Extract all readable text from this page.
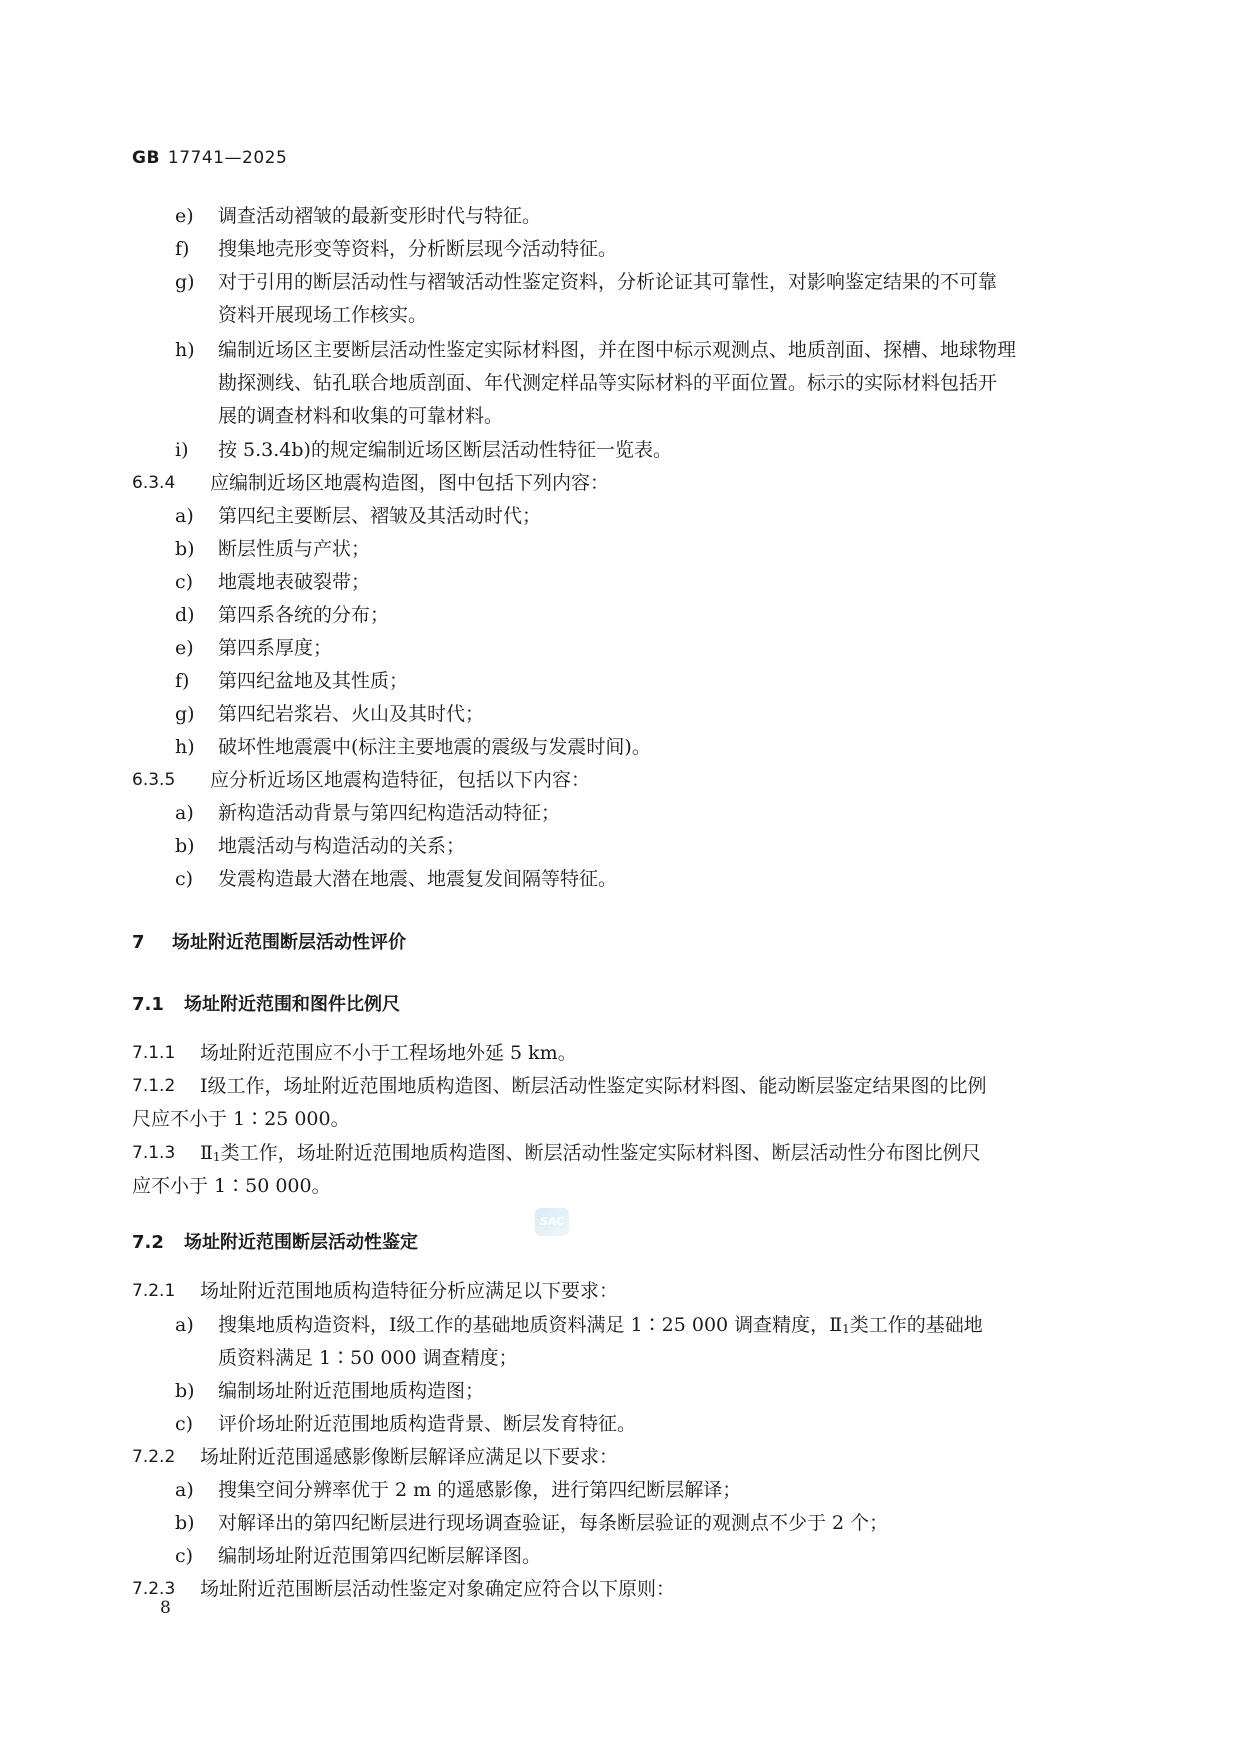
GB 17741—2025
e) 调查活动褶皱的最新变形时代与特征。
f) 搜集地壳形变等资料，分析断层现今活动特征。
g) 对于引用的断层活动性与褶皱活动性鉴定资料，分析论证其可靠性，对影响鉴定结果的不可靠
资料开展现场工作核实。
h) 编制近场区主要断层活动性鉴定实际材料图，并在图中标示观测点、地质剖面、探槽、地球物理
勘探测线、钻孔联合地质剖面、年代测定样品等实际材料的平面位置。标示的实际材料包括开
展的调查材料和收集的可靠材料。
i) 按 5.3.4b)的规定编制近场区断层活动性特征一览表。
6.3.4 应编制近场区地震构造图，图中包括下列内容：
a) 第四纪主要断层、褶皱及其活动时代；
b) 断层性质与产状；
c) 地震地表破裂带；
d) 第四系各统的分布；
e) 第四系厚度；
f) 第四纪盆地及其性质；
g) 第四纪岩浆岩、火山及其时代；
h) 破坏性地震震中(标注主要地震的震级与发震时间)。
6.3.5 应分析近场区地震构造特征，包括以下内容：
a) 新构造活动背景与第四纪构造活动特征；
b) 地震活动与构造活动的关系；
c) 发震构造最大潜在地震、地震复发间隔等特征。
7 场址附近范围断层活动性评价
7.1 场址附近范围和图件比例尺
7.1.1 场址附近范围应不小于工程场地外延 5 km。
7.1.2 Ⅰ级工作，场址附近范围地质构造图、断层活动性鉴定实际材料图、能动断层鉴定结果图的比例
尺应不小于 1∶25 000。
7.1.3 Ⅱ1类工作，场址附近范围地质构造图、断层活动性鉴定实际材料图、断层活动性分布图比例尺
应不小于 1∶50 000。
SAC
7.2 场址附近范围断层活动性鉴定
7.2.1 场址附近范围地质构造特征分析应满足以下要求：
a) 搜集地质构造资料，Ⅰ级工作的基础地质资料满足 1∶25 000 调查精度，Ⅱ1类工作的基础地
质资料满足 1∶50 000 调查精度；
b) 编制场址附近范围地质构造图；
c) 评价场址附近范围地质构造背景、断层发育特征。
7.2.2 场址附近范围遥感影像断层解译应满足以下要求：
a) 搜集空间分辨率优于 2 m 的遥感影像，进行第四纪断层解译；
b) 对解译出的第四纪断层进行现场调查验证，每条断层验证的观测点不少于 2 个；
c) 编制场址附近范围第四纪断层解译图。
7.2.3 场址附近范围断层活动性鉴定对象确定应符合以下原则：
8
